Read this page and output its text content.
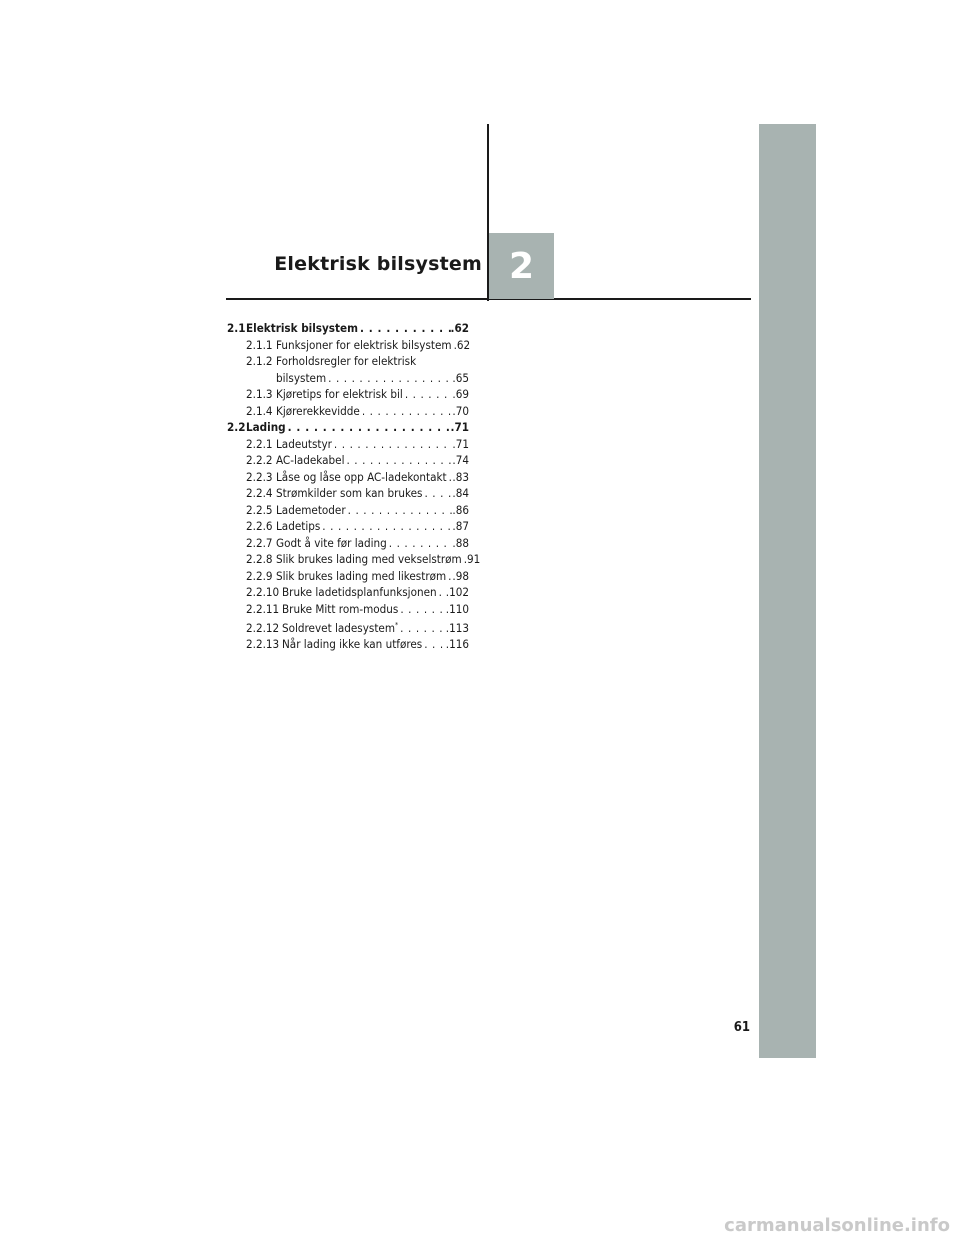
Elektrisk bilsystem 2
2.1 Elektrisk bilsystem . . .	.62
2.1.1 Funksjoner for elektrisk bilsystem . . . .62
2.1.2 Forholdsregler for elektrisk
bilsystem . . .	.65
2.1.3 Kjøretips for elektrisk bil . . .	.69
2.1.4 Kjørerekkevidde . . .	.70
2.2 Lading . . .	.71
2.2.1 Ladeutstyr . . .	.71
2.2.2 AC-ladekabel . . .	.74
2.2.3 Låse og låse opp AC-ladekontakt . . . .83
2.2.4 Strømkilder som kan brukes . . .	.84
2.2.5 Lademetoder . . .	.86
2.2.6 Ladetips . . .	.87
2.2.7 Godt å vite før lading . . .	.88
2.2.8 Slik brukes lading med vekselstrøm . . . .91
2.2.9 Slik brukes lading med likestrøm . . . .98
2.2.10 Bruke ladetidsplanfunksjonen . . . .102
2.2.11 Bruke Mitt rom-modus . . .	.110
2.2.12 Soldrevet ladesystem* . . .	.113
2.2.13 Når lading ikke kan utføres . . . .116
61
carmanualsonline.info
